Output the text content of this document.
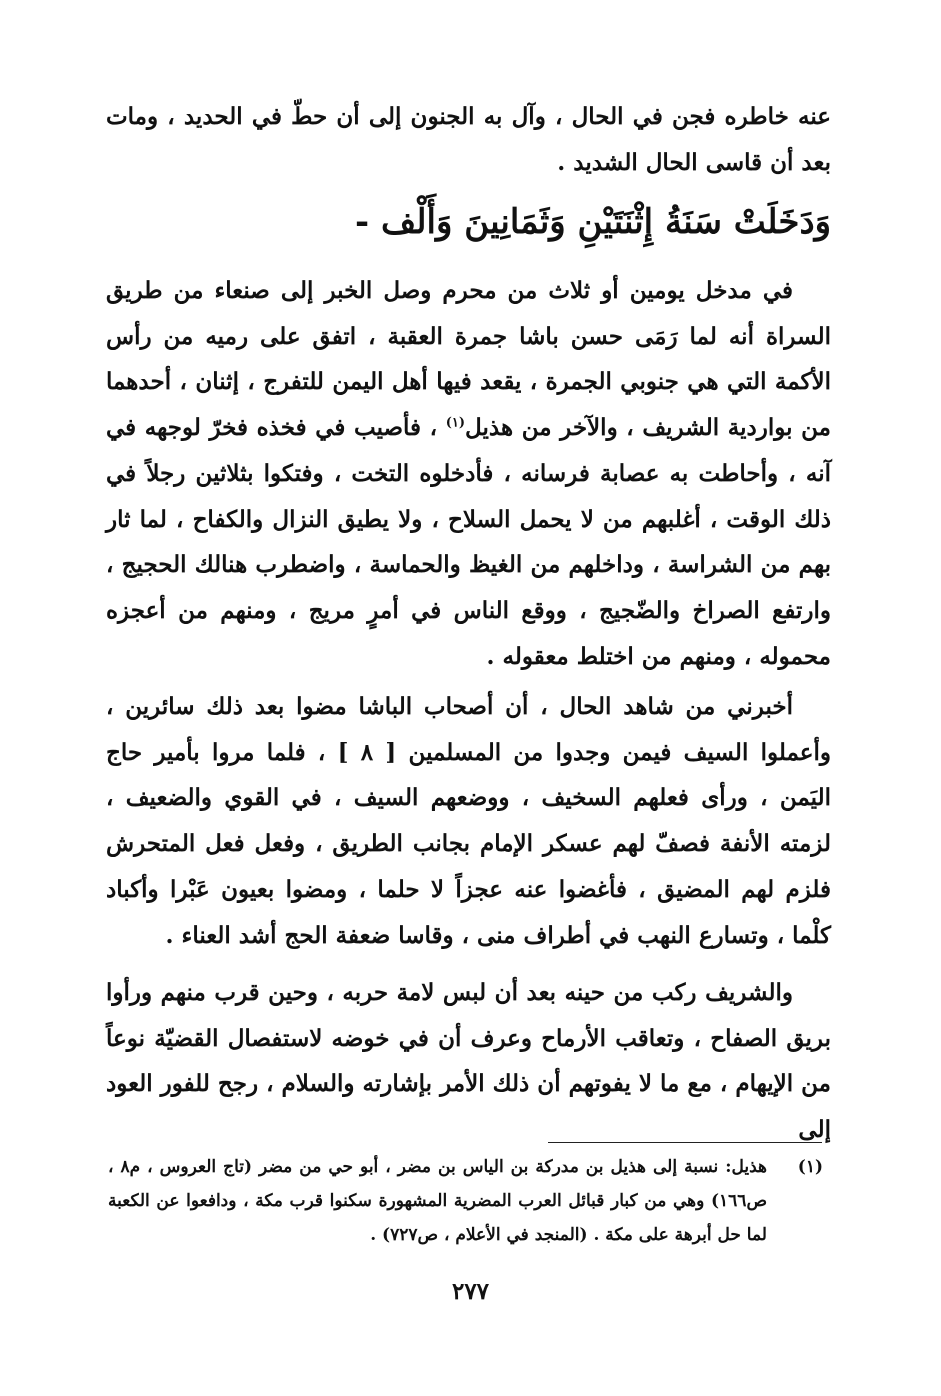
عنه خاطره فجن في الحال ، وآل به الجنون إلى أن حطّ في الحديد ، ومات بعد أن قاسى الحال الشديد .
وَدَخَلَتْ سَنَةُ إِثْنَتَيْنِ وَثَمَانِينَ وَأَلْف -
في مدخل يومين أو ثلاث من محرم وصل الخبر إلى صنعاء من طريق السراة أنه لما رَمَى حسن باشا جمرة العقبة ، اتفق على رميه من رأس الأكمة التي هي جنوبي الجمرة ، يقعد فيها أهل اليمن للتفرج ، إثنان ، أحدهما من بواردية الشريف ، والآخر من هذيل$^{(١)}$ ، فأصيب في فخذه فخرّ لوجهه في آنه ، وأحاطت به عصابة فرسانه ، فأدخلوه التخت ، وفتكوا بثلاثين رجلاً في ذلك الوقت ، أغلبهم من لا يحمل السلاح ، ولا يطيق النزال والكفاح ، لما ثار بهم من الشراسة ، وداخلهم من الغيظ والحماسة ، واضطرب هنالك الحجيج ، وارتفع الصراخ والضّجيج ، ووقع الناس في أمرٍ مريج ، ومنهم من أعجزه محموله ، ومنهم من اختلط معقوله .
أخبرني من شاهد الحال ، أن أصحاب الباشا مضوا بعد ذلك سائرين ، وأعملوا السيف فيمن وجدوا من المسلمين [ ٨ ] ، فلما مروا بأمير حاج اليَمن ، ورأى فعلهم السخيف ، ووضعهم السيف ، في القوي والضعيف ، لزمته الأنفة فصفّ لهم عسكر الإمام بجانب الطريق ، وفعل فعل المتحرش فلزم لهم المضيق ، فأغضوا عنه عجزاً لا حلما ، ومضوا بعيون عَبْرا وأكباد كلْما ، وتسارع النهب في أطراف منى ، وقاسا ضعفة الحج أشد العناء .
والشريف ركب من حينه بعد أن لبس لامة حربه ، وحين قرب منهم ورأوا بريق الصفاح ، وتعاقب الأرماح وعرف أن في خوضه لاستفصال القضيّة نوعاً من الإيهام ، مع ما لا يفوتهم أن ذلك الأمر بإشارته والسلام ، رجح للفور العود إلى
(١)
هذيل: نسبة إلى هذيل بن مدركة بن الياس بن مضر ، أبو حي من مضر (تاج العروس ، م٨ ، ص١٦٦) وهي من كبار قبائل العرب المضرية المشهورة سكنوا قرب مكة ، ودافعوا عن الكعبة لما حل أبرهة على مكة . (المنجد في الأعلام ، ص٧٢٧) .
٢٧٧
